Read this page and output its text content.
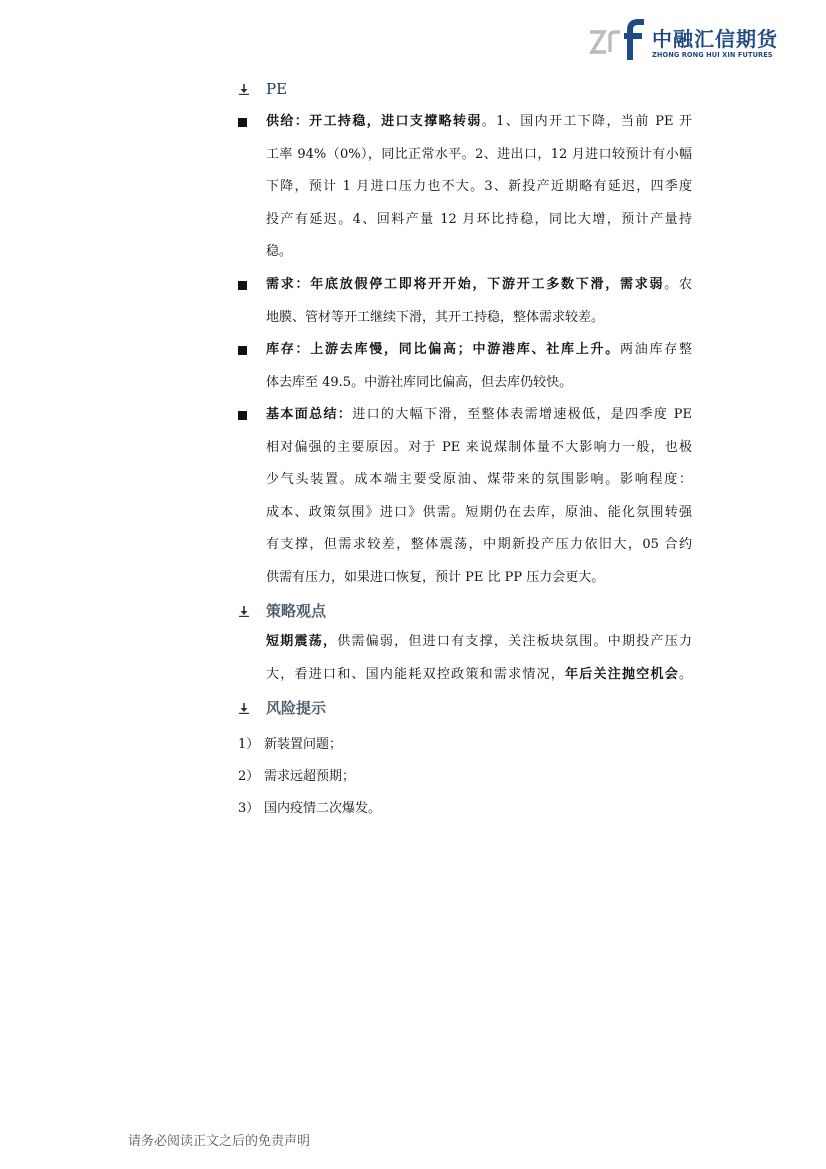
中融汇信期货
ZHONG RONG HUI XIN FUTURES
PE
供给：开工持稳，进口支撑略转弱。1、国内开工下降，当前 PE 开
工率 94%（0%），同比正常水平。2、进出口，12 月进口较预计有小幅
下降，预计 1 月进口压力也不大。3、新投产近期略有延迟，四季度
投产有延迟。4、回料产量 12 月环比持稳，同比大增，预计产量持
稳。
需求：年底放假停工即将开开始，下游开工多数下滑，需求弱。农
地膜、管材等开工继续下滑，其开工持稳，整体需求较差。
库存：上游去库慢，同比偏高；中游港库、社库上升。两油库存整
体去库至 49.5。中游社库同比偏高，但去库仍较快。
基本面总结：进口的大幅下滑，至整体表需增速极低，是四季度 PE
相对偏强的主要原因。对于 PE 来说煤制体量不大影响力一般，也极
少气头装置。成本端主要受原油、煤带来的氛围影响。影响程度：
成本、政策氛围》进口》供需。短期仍在去库，原油、能化氛围转强
有支撑，但需求较差，整体震荡，中期新投产压力依旧大，05 合约
供需有压力，如果进口恢复，预计 PE 比 PP 压力会更大。
策略观点
短期震荡，供需偏弱，但进口有支撑，关注板块氛围。中期投产压力
大，看进口和、国内能耗双控政策和需求情况，年后关注抛空机会。
风险提示
1） 新装置问题；
2） 需求远超预期；
3） 国内疫情二次爆发。
请务必阅读正文之后的免责声明
